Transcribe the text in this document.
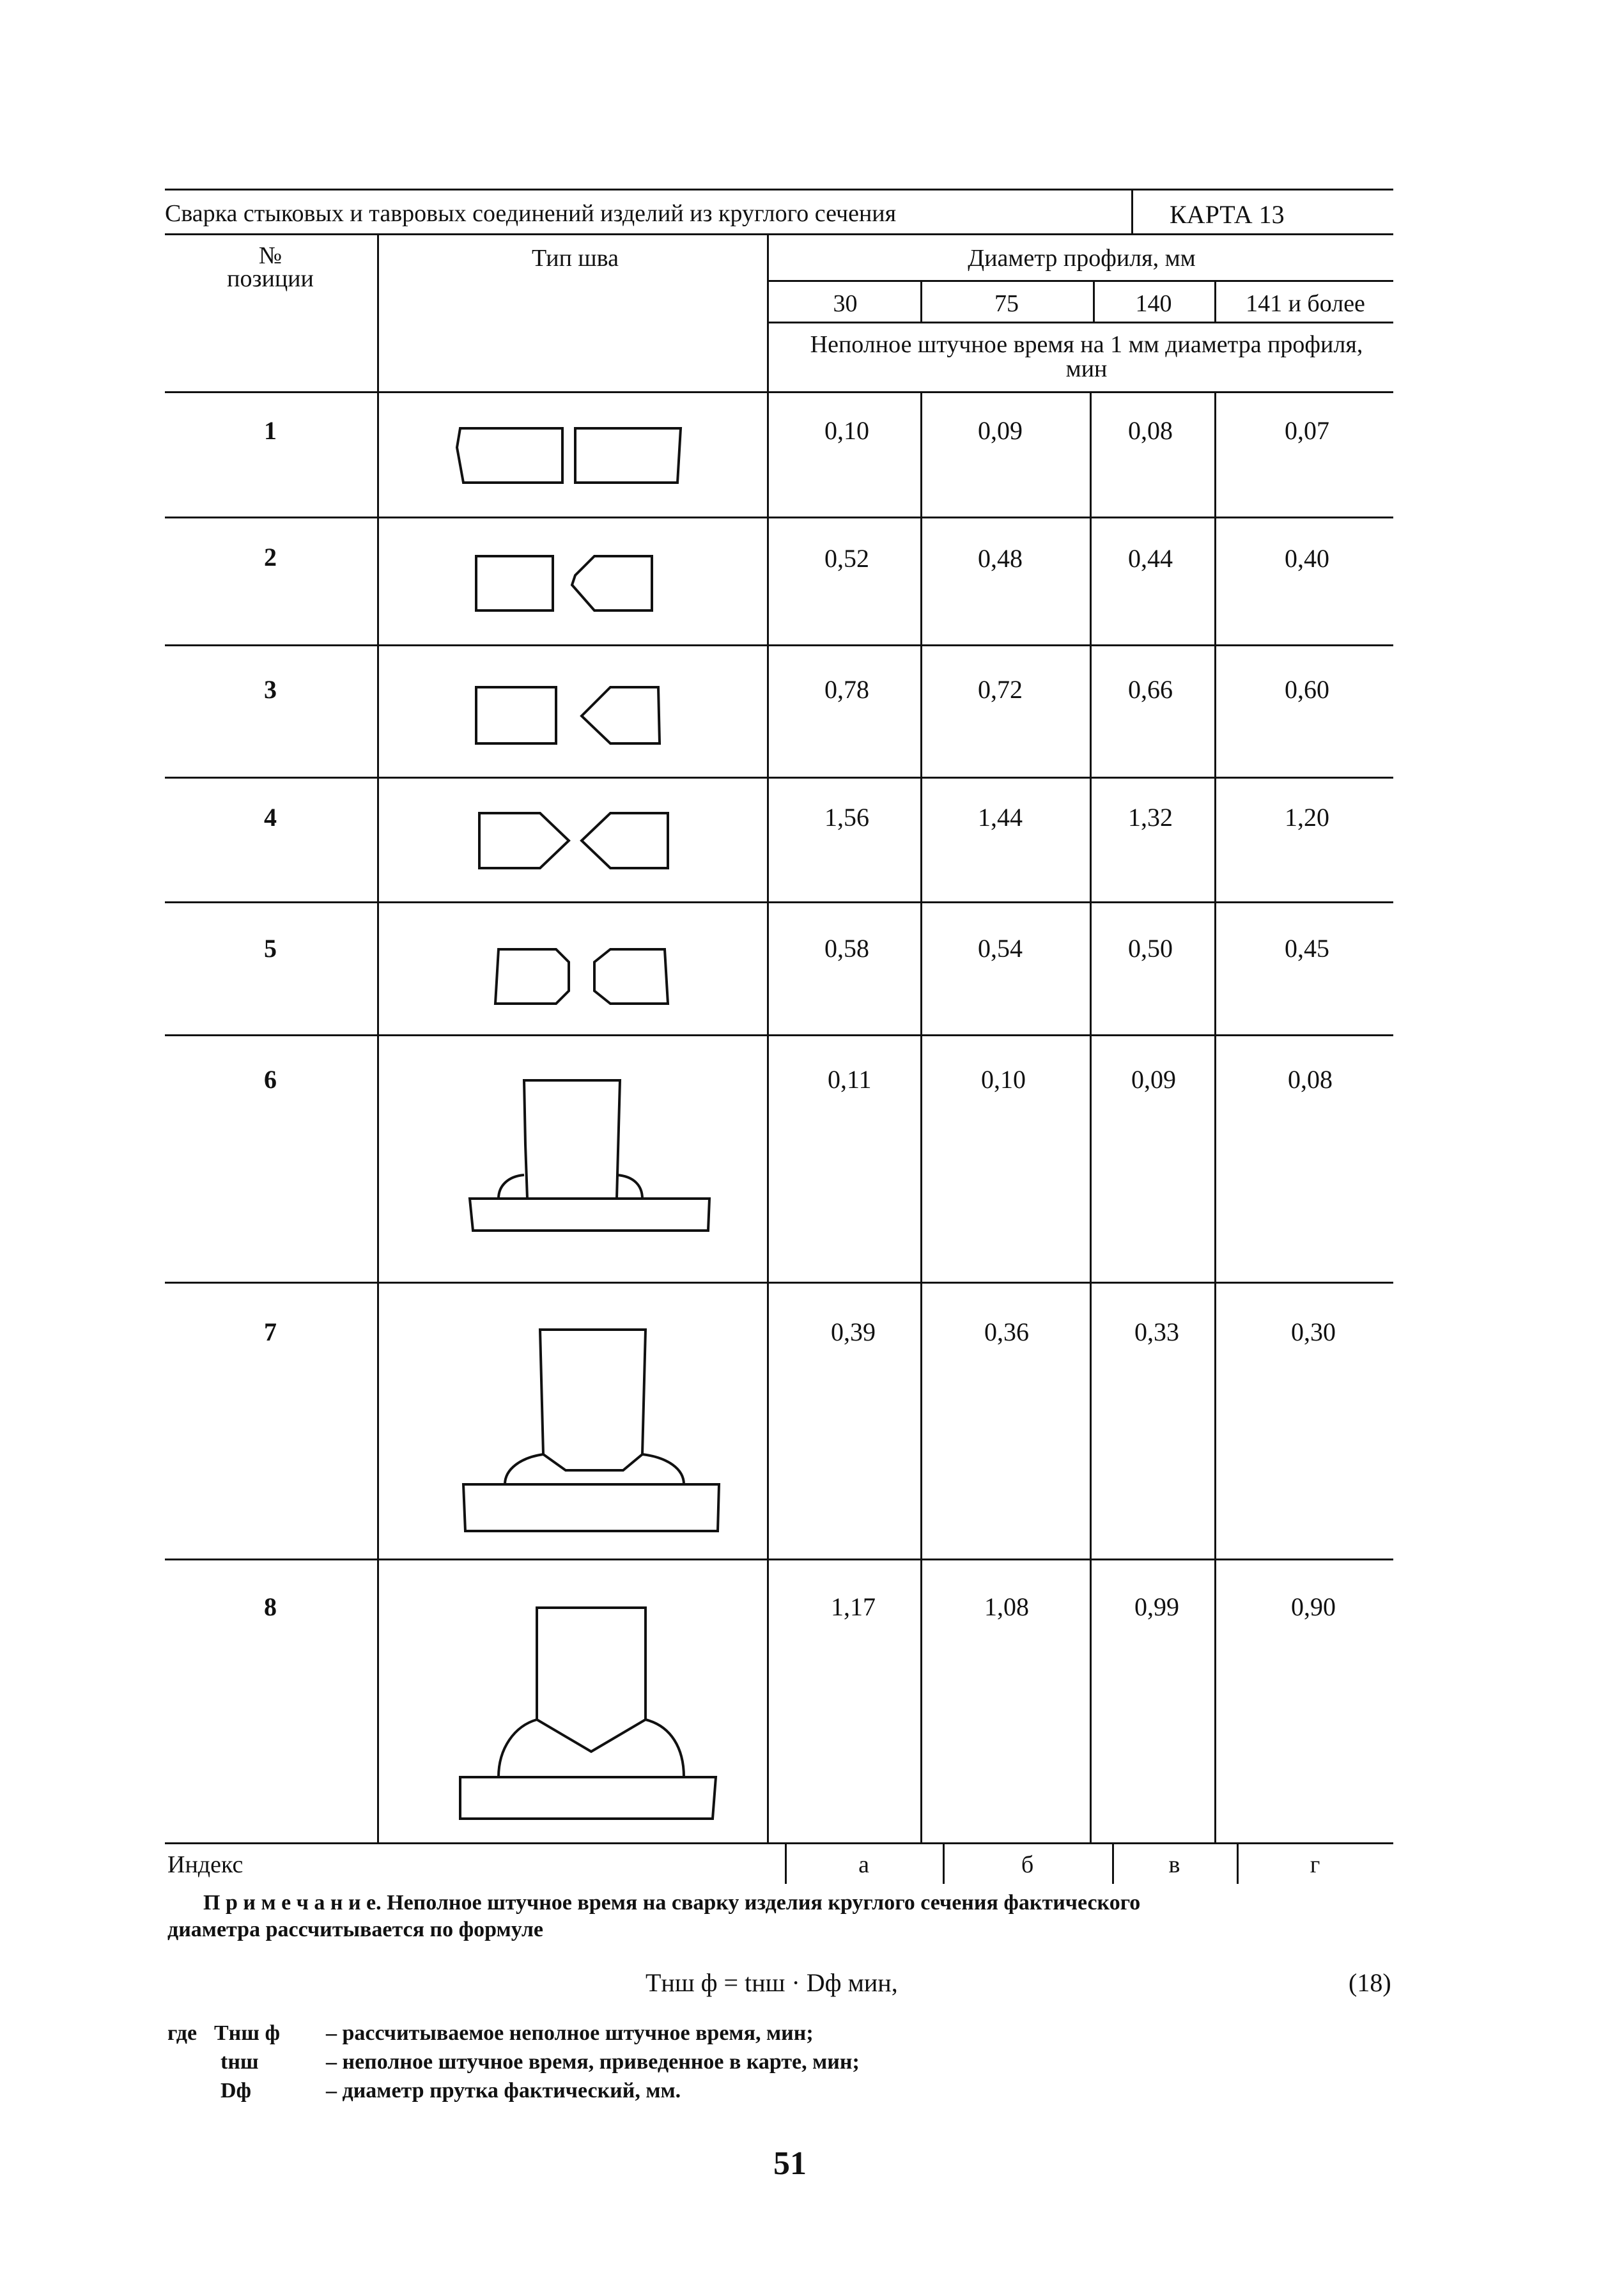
Сварка стыковых и тавровых соединений изделий из круглого сечения	КАРТА 13
№
позиции
Тип шва	Диаметр профиля, мм
30	75	140	141 и более
Неполное штучное время на 1 мм диаметра профиля, мин
1	0,10	0,09	0,08	0,07
2	0,52	0,48	0,44	0,40
3	0,78	0,72	0,66	0,60
4	1,56	1,44	1,32	1,20
5	0,58	0,54	0,50	0,45
6	0,11	0,10	0,09	0,08
7	0,39	0,36	0,33	0,30
8	1,17	1,08	0,99	0,90
Индекс	а	б	в	г
П р и м е ч а н и е. Неполное штучное время на сварку изделия круглого сечения фактического
диаметра рассчитывается по формуле
Tнш ф = tнш · Dф мин,	(18)
где Tнш ф – рассчитываемое неполное штучное время, мин;
tнш	– неполное штучное время, приведенное в карте, мин;
Dф	– диаметр прутка фактический, мм.
51
